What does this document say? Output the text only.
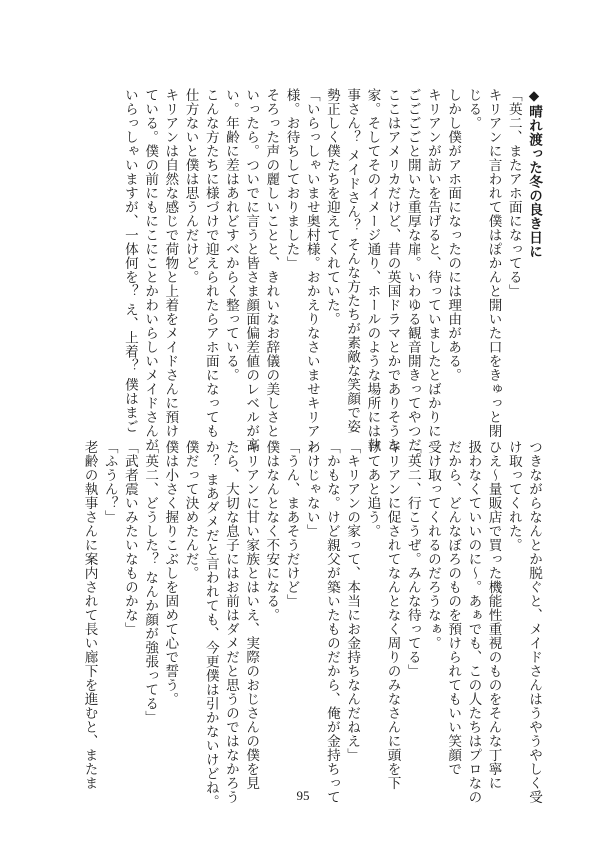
◆晴れ渡った冬の良き日に

「英二、またアホ面になってる」

キリアンに言われて僕はぽかんと開いた口をきゅっと閉

じる。

しかし僕がアホ面になったのには理由がある。

キリアンが訪いを告げると、待っていましたとばかりに

ごごごごと開いた重厚な扉。いわゆる観音開きってやつだ。

ここはアメリカだけど、昔の英国ドラマとかでありそうな

家。そしてそのイメージ通り、ホールのような場所には執

事さん？ メイドさん？ そんな方たちが素敵な笑顔で姿

勢正しく僕たちを迎えてくれていた。

「いらっしゃいませ奥村様。おかえりなさいませキリアン

様。お待ちしておりました」

そろった声の麗しいことと、きれいなお辞儀の美しさと

いったら。ついでに言うと皆さま顔面偏差値のレベルが高

い。年齢に差はあれどすべからく整っている。

こんな方たちに様づけで迎えられたらアホ面になっても

仕方ないと僕は思うんだけど。

キリアンは自然な感じで荷物と上着をメイドさんに預け

ている。僕の前にもにこにことかわいらしいメイドさんが

いらっしゃいますが、一体何を？ え、上着？ 僕はまご

つきながらなんとか脱ぐと、メイドさんはうやうやしく受

け取ってくれた。

ひえ～量販店で買った機能性重視のものをそんな丁寧に

扱わなくていいのに～。あぁでも、この人たちはプロなの

だから、どんなぼろのものを預けられてもいい笑顔で

受け取ってくれるのだろうなぁ。

「英二、行こうぜ。みんな待ってる」

キリアンに促されてなんとなく周りのみなさんに頭を下

げてあと追う。

「キリアンの家って、本当にお金持ちなんだねえ」

「かもな。けど親父が築いたものだから、俺が金持ちって

わけじゃない」

「うん、まあそうだけど」

僕はなんとなく不安になる。

キリアンに甘い家族とはいえ、実際のおじさんの僕を見

たら、大切な息子にはお前はダメだと思うのではなかろう

か？ まあダメだと言われても、今更僕は引かないけどね。

僕だって決めたんだ。

僕は小さく握りこぶしを固めて心で誓う。

「英二、どうした？ なんか顔が強張ってる」

「武者震いみたいなものかな」

「ふうん？」

老齢の執事さんに案内されて長い廊下を進むと、またま

95
